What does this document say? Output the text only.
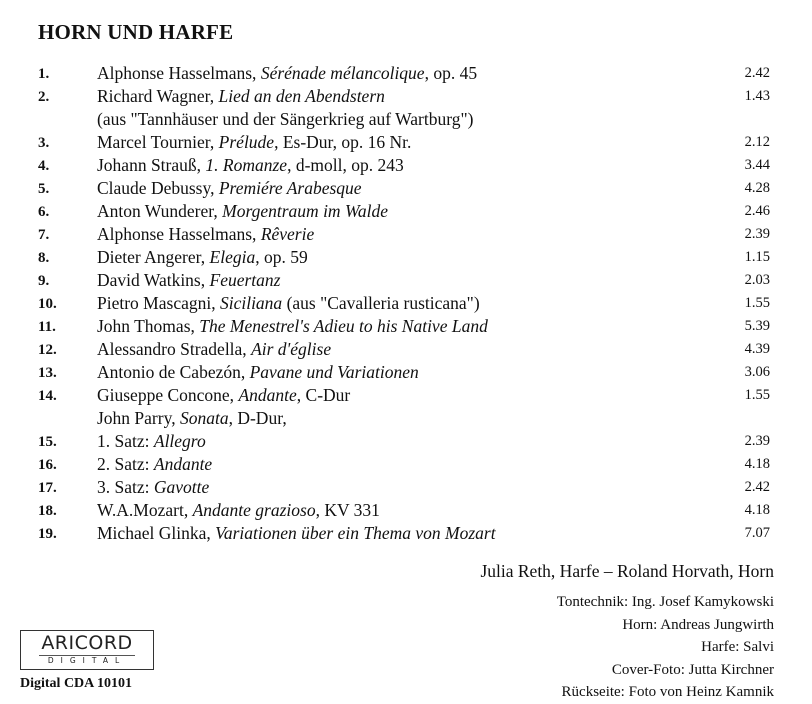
HORN UND HARFE
1.	Alphonse Hasselmans, Sérénade mélancolique, op. 45	2.42
2.	Richard Wagner, Lied an den Abendstern	1.43
(aus "Tannhäuser und der Sängerkrieg auf Wartburg")
3.	Marcel Tournier, Prélude, Es-Dur, op. 16 Nr.	2.12
4.	Johann Strauß, 1. Romanze, d-moll, op. 243	3.44
5.	Claude Debussy, Premiére Arabesque	4.28
6.	Anton Wunderer, Morgentraum im Walde	2.46
7.	Alphonse Hasselmans, Rêverie	2.39
8.	Dieter Angerer, Elegia, op. 59	1.15
9.	David Watkins, Feuertanz	2.03
10. Pietro Mascagni, Siciliana (aus "Cavalleria rusticana")	1.55
11. John Thomas, The Menestrel's Adieu to his Native Land	5.39
12. Alessandro Stradella, Air d'église	4.39
13. Antonio de Cabezón, Pavane und Variationen	3.06
14. Giuseppe Concone, Andante, C-Dur	1.55
John Parry, Sonata, D-Dur,
15. 1. Satz: Allegro	2.39
16. 2. Satz: Andante	4.18
17. 3. Satz: Gavotte	2.42
18. W.A.Mozart, Andante grazioso, KV 331	4.18
19. Michael Glinka, Variationen über ein Thema von Mozart	7.07
Julia Reth, Harfe – Roland Horvath, Horn
Tontechnik: Ing. Josef Kamykowski
Horn: Andreas Jungwirth
Harfe: Salvi
Cover-Foto: Jutta Kirchner
Rückseite: Foto von Heinz Kamnik
ARICORD
DIGITAL
Digital CDA 10101
